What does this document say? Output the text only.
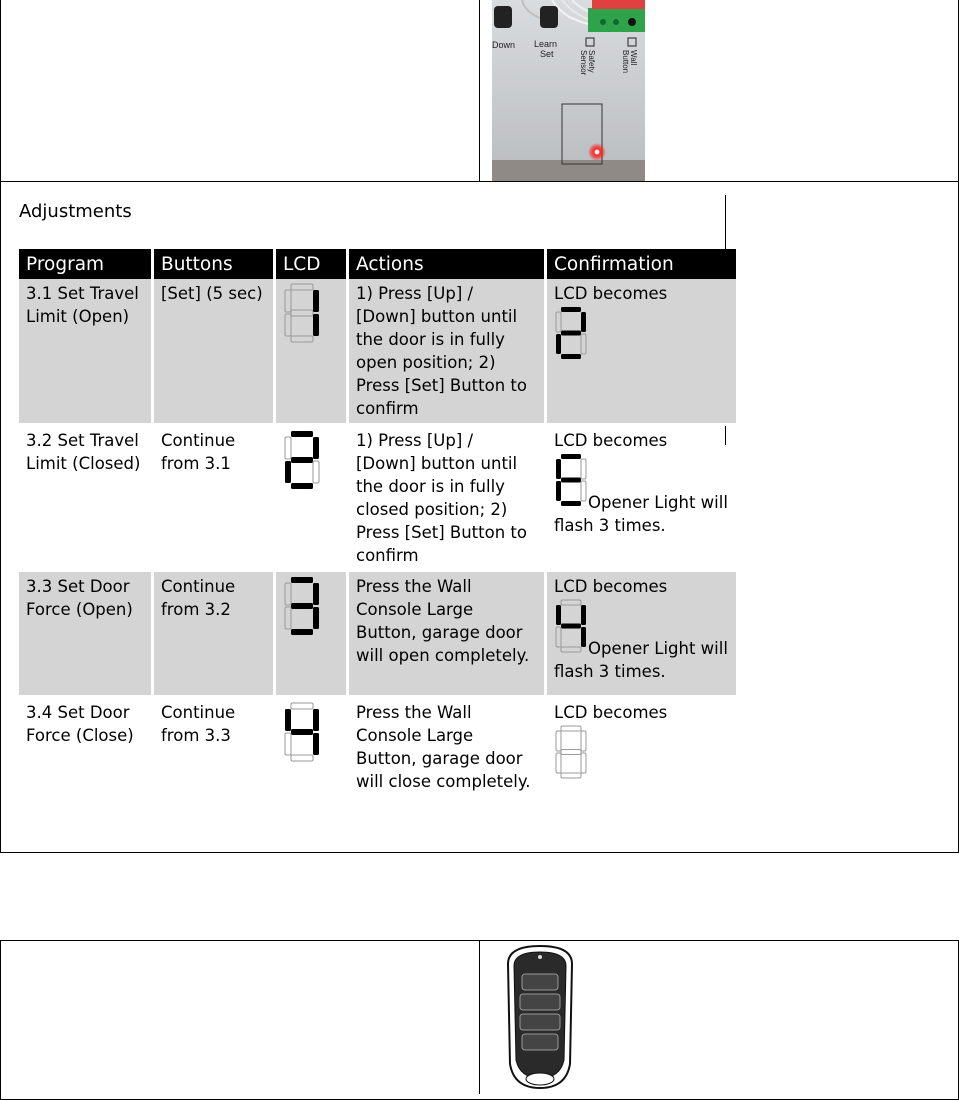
Down Learn
Set	Safety
Sensor	Wall
Button
Adjustments
Program	Buttons	LCD	Actions	Confirmation
3.1 Set Travel Limit (Open)	[Set] (5 sec)		1) Press [Up] / [Down] button until the door is in fully open position; 2) Press [Set] Button to confirm	LCD becomes

3.2 Set Travel Limit (Closed)	Continue from 3.1		1) Press [Up] / [Down] button until the door is in fully closed position; 2) Press [Set] Button to confirm	LCD becomes
Opener Light will flash 3 times.
3.3 Set Door Force (Open)	Continue from 3.2		Press the Wall Console Large Button, garage door will open completely.	LCD becomes
Opener Light will flash 3 times.
3.4 Set Door Force (Close)	Continue from 3.3		Press the Wall Console Large Button, garage door will close completely.	LCD becomes
